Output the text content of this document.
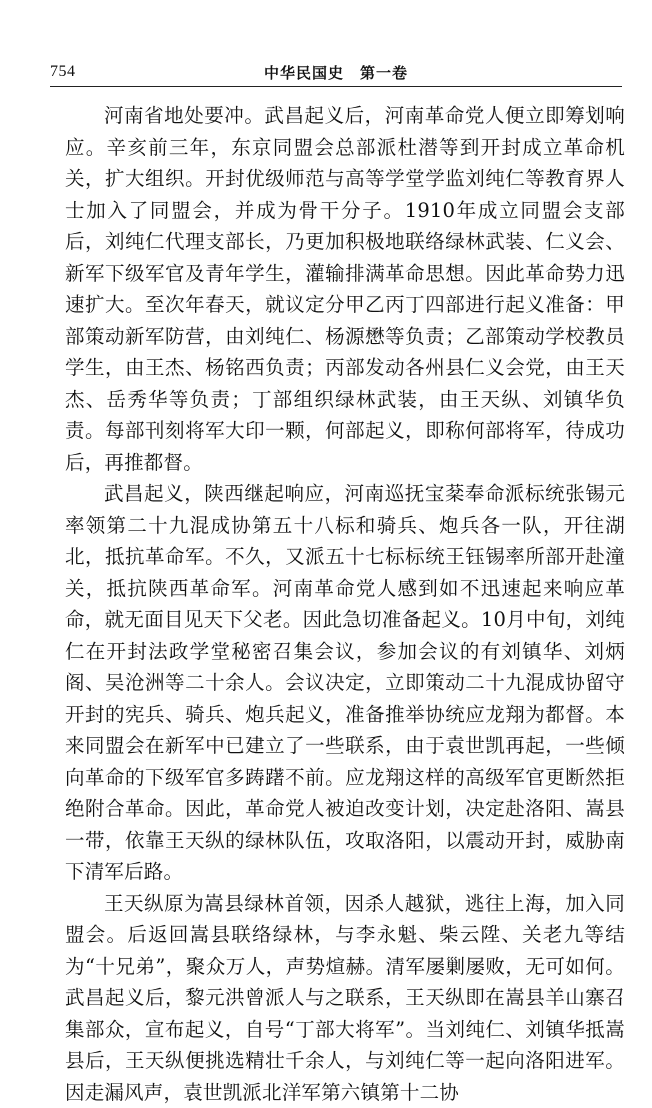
754	中华民国史　第一卷

河南省地处要冲。武昌起义后，河南革命党人便立即筹划响应。辛亥前三年，东京同盟会总部派杜潜等到开封成立革命机关，扩大组织。开封优级师范与高等学堂学监刘纯仁等教育界人士加入了同盟会，并成为骨干分子。1910年成立同盟会支部后，刘纯仁代理支部长，乃更加积极地联络绿林武装、仁义会、新军下级军官及青年学生，灌输排满革命思想。因此革命势力迅速扩大。至次年春天，就议定分甲乙丙丁四部进行起义准备：甲部策动新军防营，由刘纯仁、杨源懋等负责；乙部策动学校教员学生，由王杰、杨铭西负责；丙部发动各州县仁义会党，由王天杰、岳秀华等负责；丁部组织绿林武装，由王天纵、刘镇华负责。每部刊刻将军大印一颗，何部起义，即称何部将军，待成功后，再推都督。

武昌起义，陕西继起响应，河南巡抚宝棻奉命派标统张锡元率领第二十九混成协第五十八标和骑兵、炮兵各一队，开往湖北，抵抗革命军。不久，又派五十七标标统王钰锡率所部开赴潼关，抵抗陕西革命军。河南革命党人感到如不迅速起来响应革命，就无面目见天下父老。因此急切准备起义。10月中旬，刘纯仁在开封法政学堂秘密召集会议，参加会议的有刘镇华、刘炳阁、吴沧洲等二十余人。会议决定，立即策动二十九混成协留守开封的宪兵、骑兵、炮兵起义，准备推举协统应龙翔为都督。本来同盟会在新军中已建立了一些联系，由于袁世凯再起，一些倾向革命的下级军官多踌躇不前。应龙翔这样的高级军官更断然拒绝附合革命。因此，革命党人被迫改变计划，决定赴洛阳、嵩县一带，依靠王天纵的绿林队伍，攻取洛阳，以震动开封，威胁南下清军后路。

王天纵原为嵩县绿林首领，因杀人越狱，逃往上海，加入同盟会。后返回嵩县联络绿林，与李永魁、柴云陞、关老九等结为“十兄弟”，聚众万人，声势煊赫。清军屡剿屡败，无可如何。武昌起义后，黎元洪曾派人与之联系，王天纵即在嵩县羊山寨召集部众，宣布起义，自号“丁部大将军”。当刘纯仁、刘镇华抵嵩县后，王天纵便挑选精壮千余人，与刘纯仁等一起向洛阳进军。因走漏风声，袁世凯派北洋军第六镇第十二协
